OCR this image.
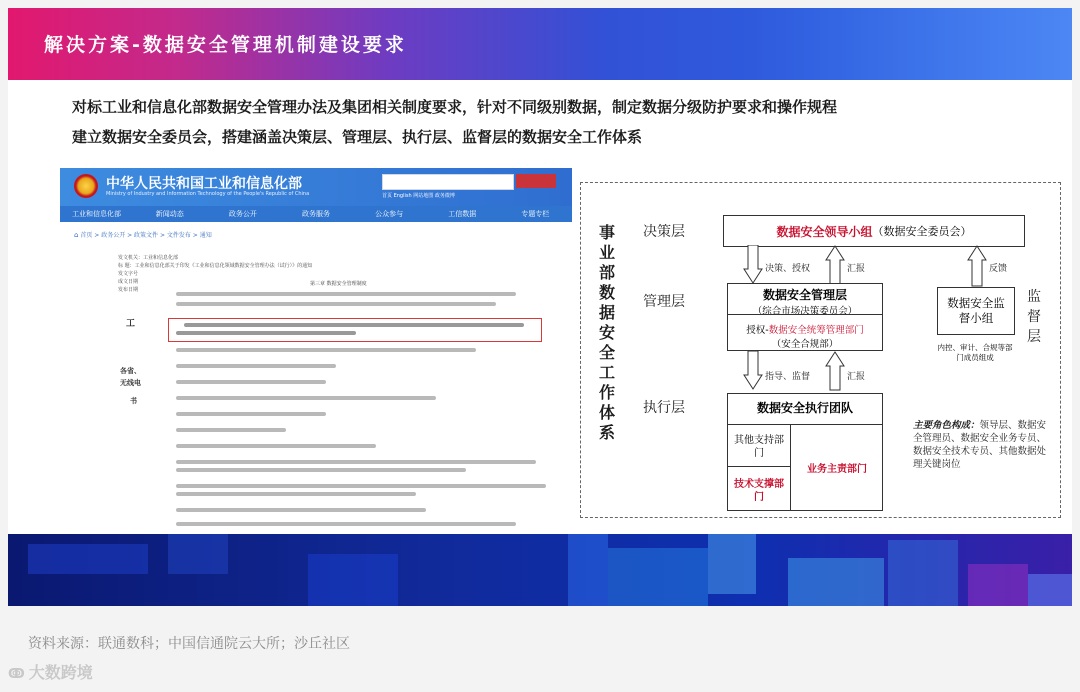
解决方案-数据安全管理机制建设要求
对标工业和信息化部数据安全管理办法及集团相关制度要求，针对不同级别数据，制定数据分级防护要求和操作规程
建立数据安全委员会，搭建涵盖决策层、管理层、执行层、监督层的数据安全工作体系
中华人民共和国工业和信息化部
Ministry of Industry and Information Technology of the People's Republic of China	首页 English 网站地图 政务微博
工业和信息化部	新闻动态	政务公开	政务服务	公众参与	工信数据	专题专栏
⌂ 首页 > 政务公开 > 政策文件 > 文件发布 > 通知
发文机关：工业和信息化部
标 题：工业和信息化部关于印发《工业和信息化领域数据安全管理办法（试行）》的通知
发文字号
成文日期
发布日期
第三章 数据安全管理制度
工
各省、
无线电
书
事业部数据安全工作体系
决策层
管理层
执行层
监督层
数据安全领导小组 （数据安全委员会）
决策、授权	汇报
数据安全管理层
（综合市场决策委员会）
授权-数据安全统筹管理部门
（安全合规部）
数据安全监督小组
内控、审计、合规等部门成员组成
反馈
指导、监督	汇报
数据安全执行团队
其他支持部门
技术支撑部门
业务主责部门
主要角色构成：领导层、数据安全管理员、数据安全业务专员、数据安全技术专员、其他数据处理关键岗位
资料来源：联通数科；中国信通院云大所；沙丘社区
ↂ 大数跨境
